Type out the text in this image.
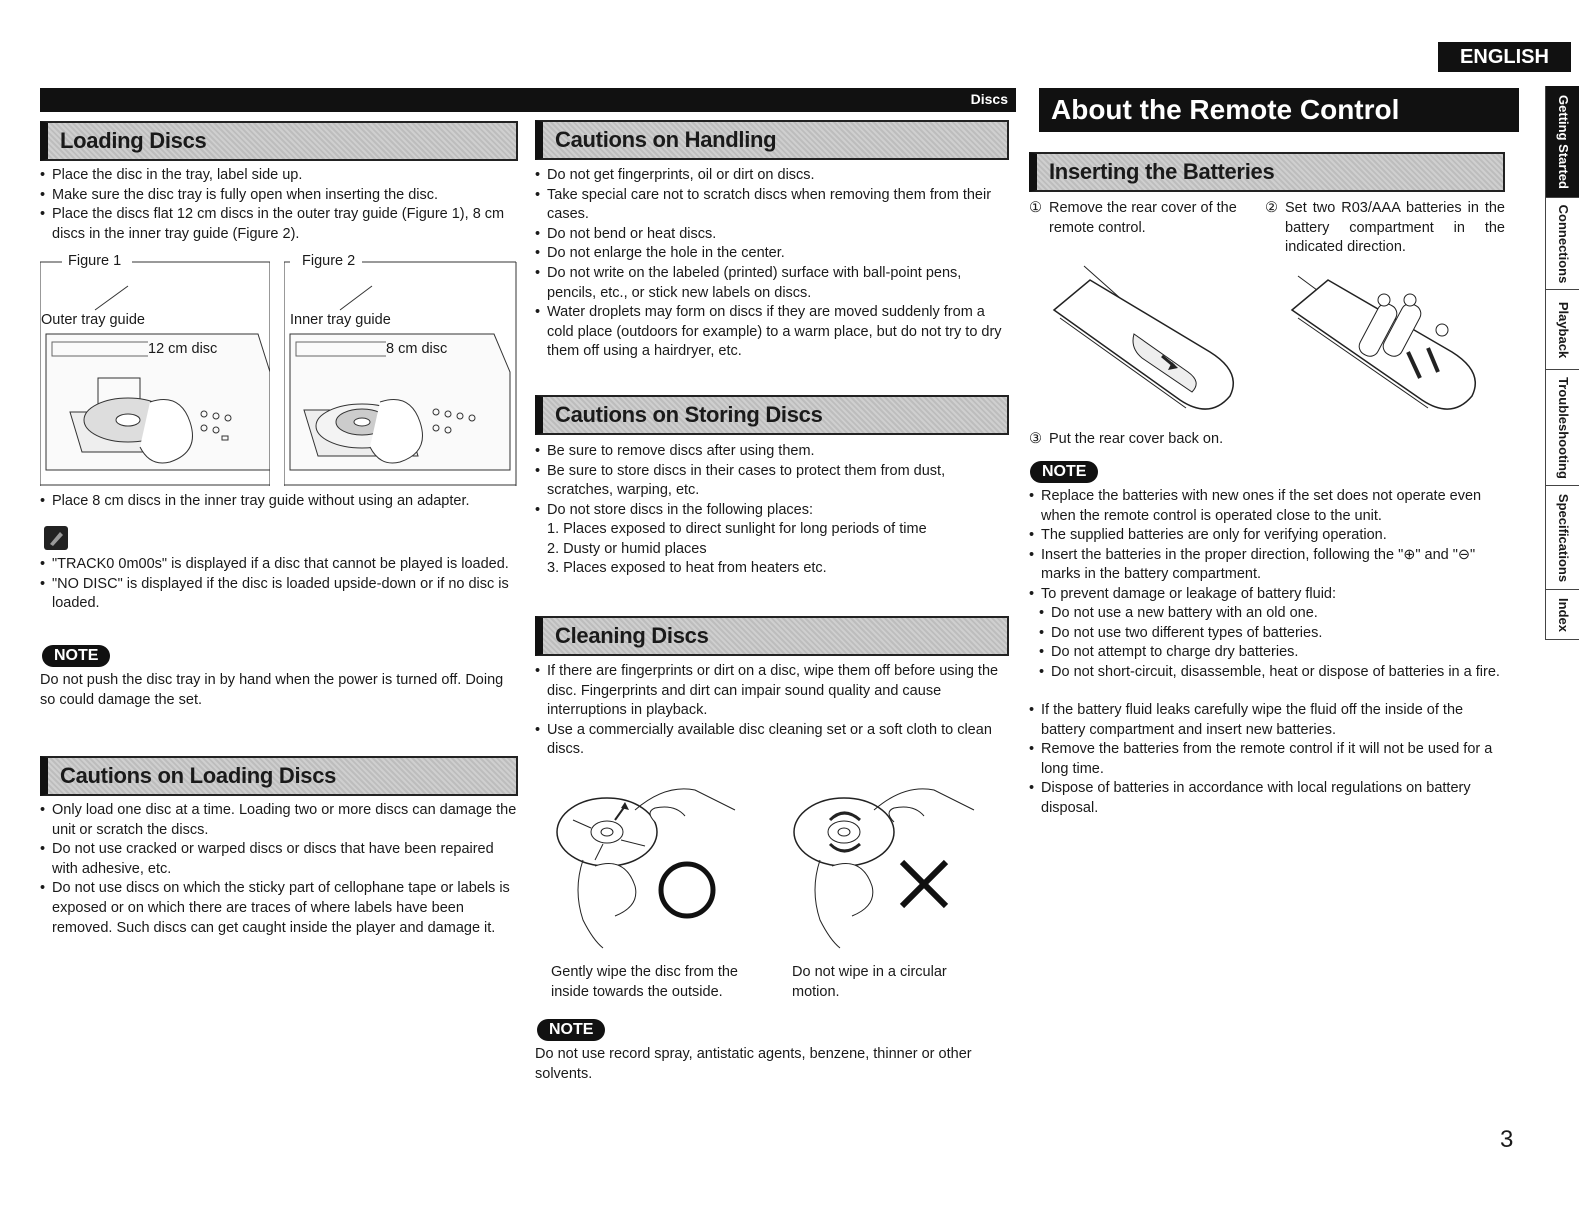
ENGLISH
Discs	Getting Started
Connections
Playback
Troubleshooting
Specifications
Index
Loading Discs
• Place the disc in the tray, label side up.
• Make sure the disc tray is fully open when inserting the disc.
• Place the discs flat 12 cm discs in the outer tray guide (Figure 1), 8 cm discs in the inner tray guide (Figure 2).
Figure 1
Outer tray guide
12 cm disc
Figure 2
Inner tray guide
8 cm disc
• Place 8 cm discs in the inner tray guide without using an adapter.
• "TRACK0 0m00s" is displayed if a disc that cannot be played is loaded.
• "NO DISC" is displayed if the disc is loaded upside-down or if no disc is loaded.
NOTE

Do not push the disc tray in by hand when the power is turned off. Doing so could damage the set.

Cautions on Loading Discs
• Only load one disc at a time. Loading two or more discs can damage the unit or scratch the discs.
• Do not use cracked or warped discs or discs that have been repaired with adhesive, etc.
• Do not use discs on which the sticky part of cellophane tape or labels is exposed or on which there are traces of where labels have been removed. Such discs can get caught inside the player and damage it.
Cautions on Handling
• Do not get fingerprints, oil or dirt on discs.
• Take special care not to scratch discs when removing them from their cases.
• Do not bend or heat discs.
• Do not enlarge the hole in the center.
• Do not write on the labeled (printed) surface with ball-point pens, pencils, etc., or stick new labels on discs.
• Water droplets may form on discs if they are moved suddenly from a cold place (outdoors for example) to a warm place, but do not try to dry them off using a hairdryer, etc.
Cautions on Storing Discs
• Be sure to remove discs after using them.
• Be sure to store discs in their cases to protect them from dust, scratches, warping, etc.
• Do not store discs in the following places:
1. Places exposed to direct sunlight for long periods of time
2. Dusty or humid places
3. Places exposed to heat from heaters etc.
Cleaning Discs
• If there are fingerprints or dirt on a disc, wipe them off before using the disc. Fingerprints and dirt can impair sound quality and cause interruptions in playback.
• Use a commercially available disc cleaning set or a soft cloth to clean discs.

Gently wipe the disc from the inside towards the outside.

Do not wipe in a circular motion.

NOTE

Do not use record spray, antistatic agents, benzene, thinner or other solvents.

About the Remote Control
Inserting the Batteries
① Remove the rear cover of the remote control.

② Set two R03/AAA batteries in the battery compartment in the indicated direction.

③ Put the rear cover back on.

NOTE
• Replace the batteries with new ones if the set does not operate even when the remote control is operated close to the unit.
• The supplied batteries are only for verifying operation.
• Insert the batteries in the proper direction, following the "⊕" and "⊖" marks in the battery compartment.
• To prevent damage or leakage of battery fluid:
• Do not use a new battery with an old one.
• Do not use two different types of batteries.
• Do not attempt to charge dry batteries.
• Do not short-circuit, disassemble, heat or dispose of batteries in a fire.
• If the battery fluid leaks carefully wipe the fluid off the inside of the battery compartment and insert new batteries.
• Remove the batteries from the remote control if it will not be used for a long time.
• Dispose of batteries in accordance with local regulations on battery disposal.
3
